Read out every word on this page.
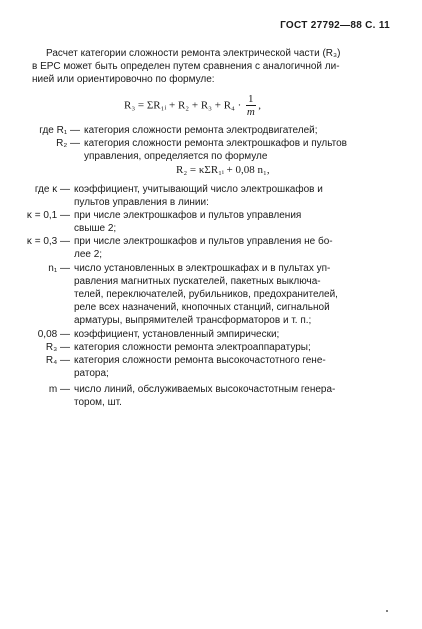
ГОСТ 27792—88 С. 11
Расчет категории сложности ремонта электрической части (R₃)
в ЕРС может быть определен путем сравнения с аналогичной ли-
нией или ориентировочно по формуле:
R₃ = ΣR₁ᵢ + $R_2 + R_3 + R_4 \cdot \frac{1}{m}$ ,
где R₁ — категория сложности ремонта электродвигателей;
R₂ — категория сложности ремонта электрошкафов и пультов
управления, определяется по формуле
R₂ = κΣR₁ᵢ + 0,08 n₁,
где κ — коэффициент, учитывающий число электрошкафов и
пультов управления в линии:
κ = 0,1 — при числе электрошкафов и пультов управления
свыше 2;
κ = 0,3 — при числе электрошкафов и пультов управления не бо-
лее 2;
n₁ — число установленных в электрошкафах и в пультах уп-
равления магнитных пускателей, пакетных выключа-
телей, переключателей, рубильников, предохранителей,
реле всех назначений, кнопочных станций, сигнальной
арматуры, выпрямителей трансформаторов и т. п.;
0,08 — коэффициент, установленный эмпирически;
R₃ — категория сложности ремонта электроаппаратуры;
R₄ — категория сложности ремонта высокочастотного гене-
ратора;
m — число линий, обслуживаемых высокочастотным генера-
тором, шт.
